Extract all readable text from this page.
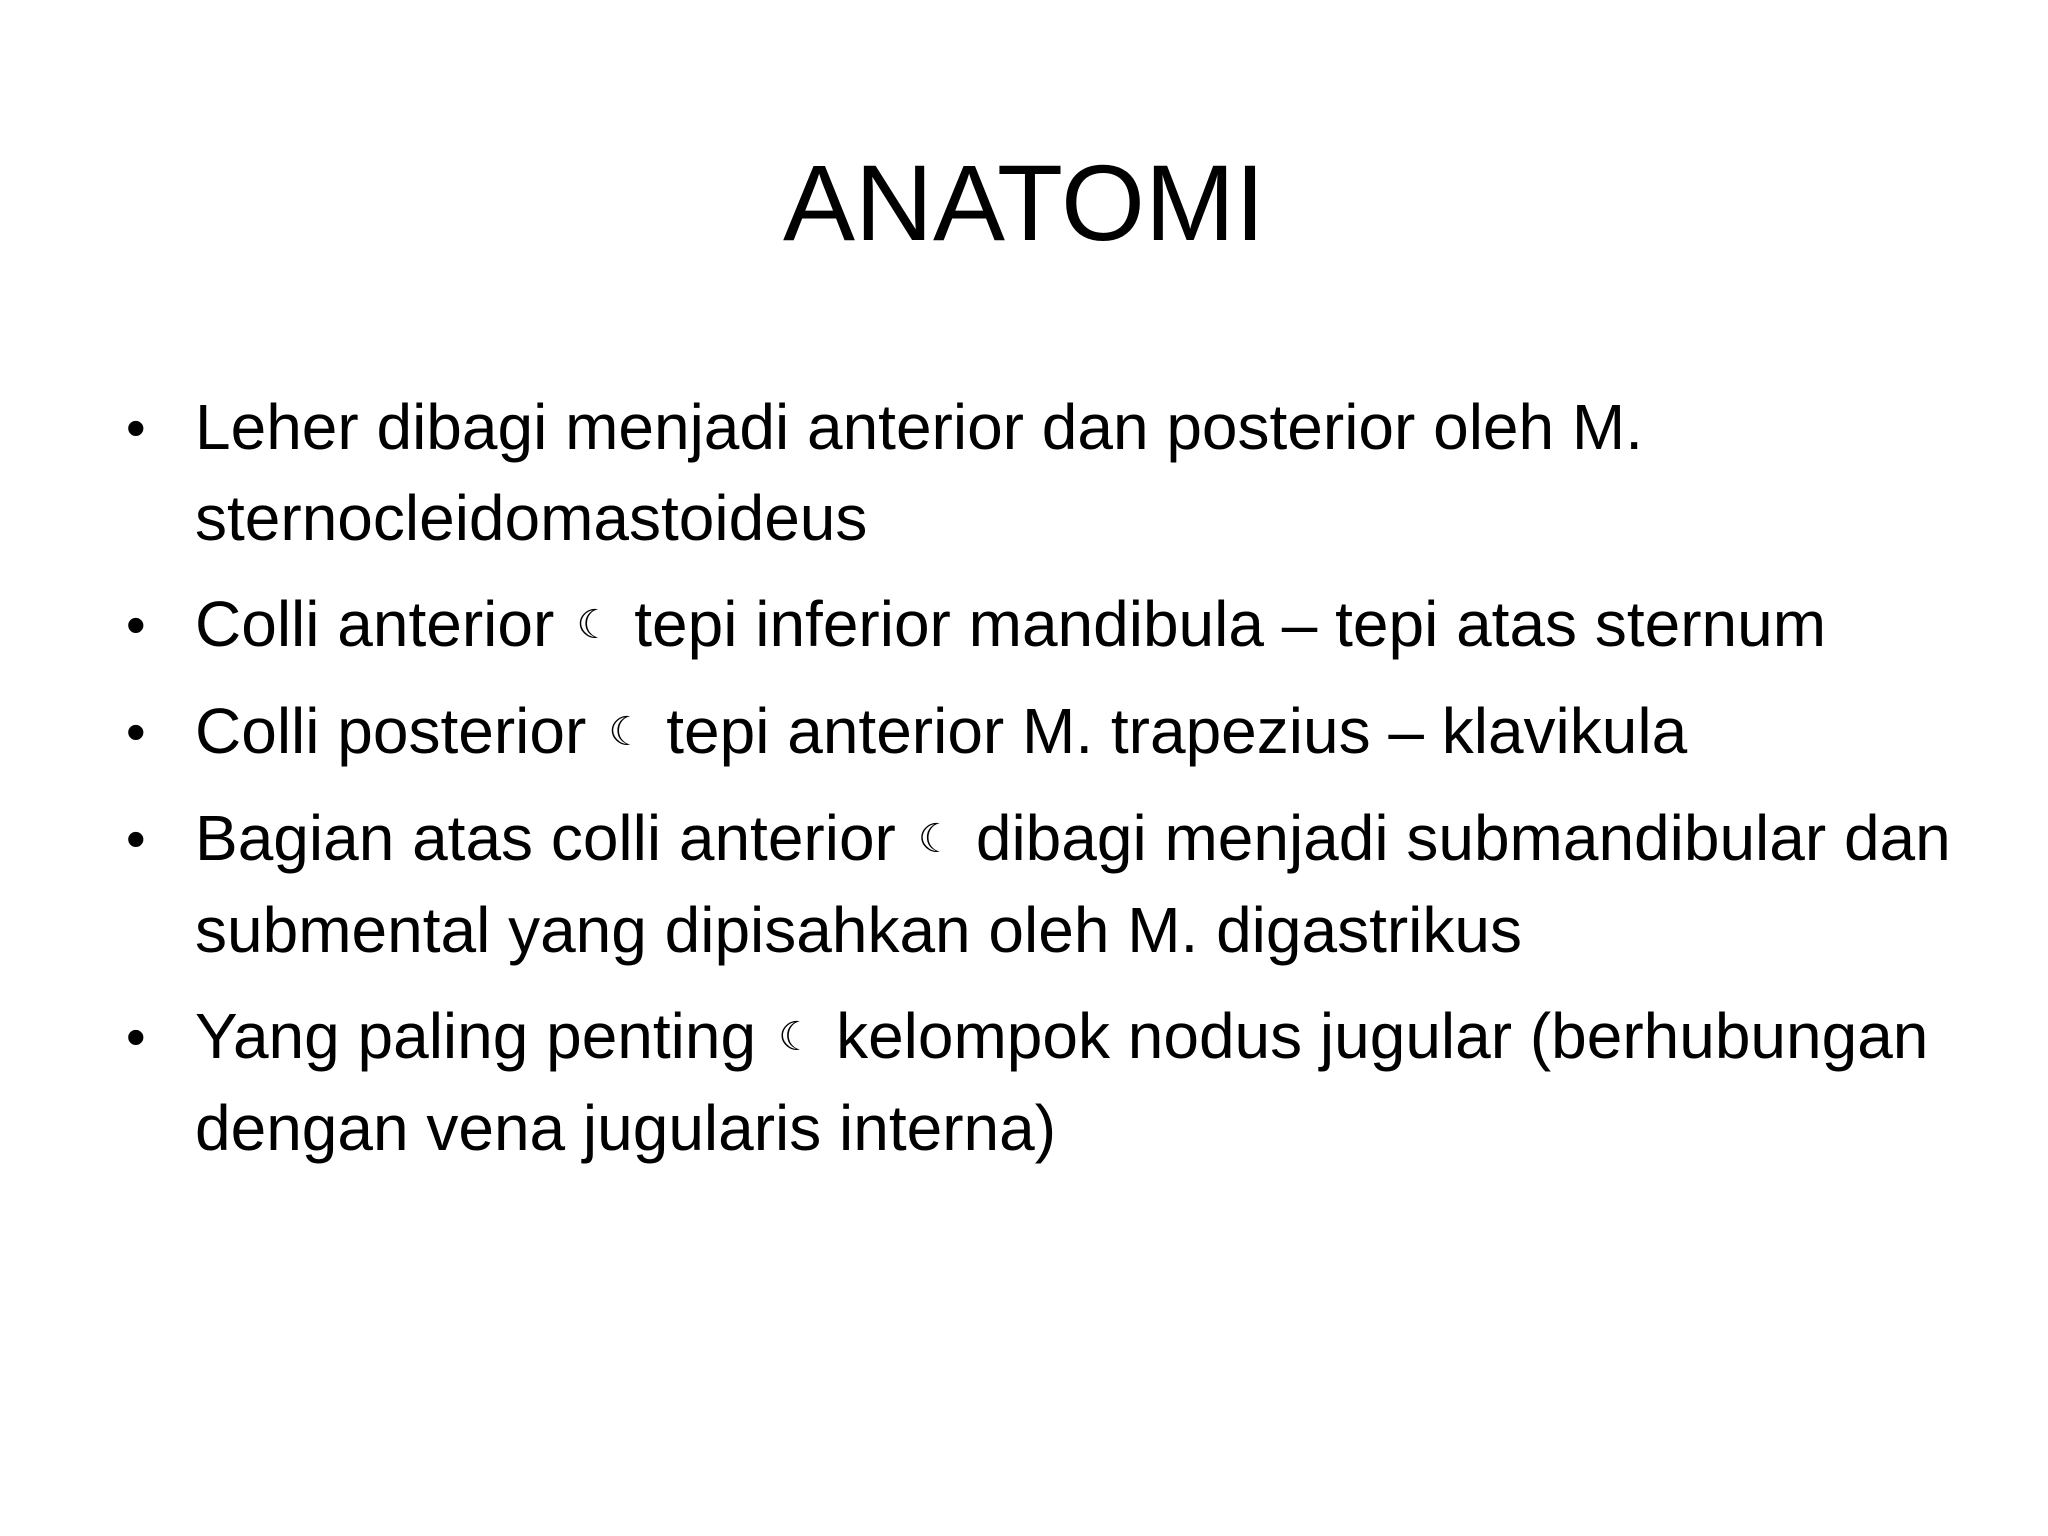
ANATOMI
• Leher dibagi menjadi anterior dan posterior oleh M. sternocleidomastoideus
• Colli anterior ☾ tepi inferior mandibula – tepi atas sternum
• Colli posterior ☾ tepi anterior M. trapezius – klavikula
• Bagian atas colli anterior ☾ dibagi menjadi submandibular dan submental yang dipisahkan oleh M. digastrikus
• Yang paling penting ☾ kelompok nodus jugular (berhubungan dengan vena jugularis interna)
